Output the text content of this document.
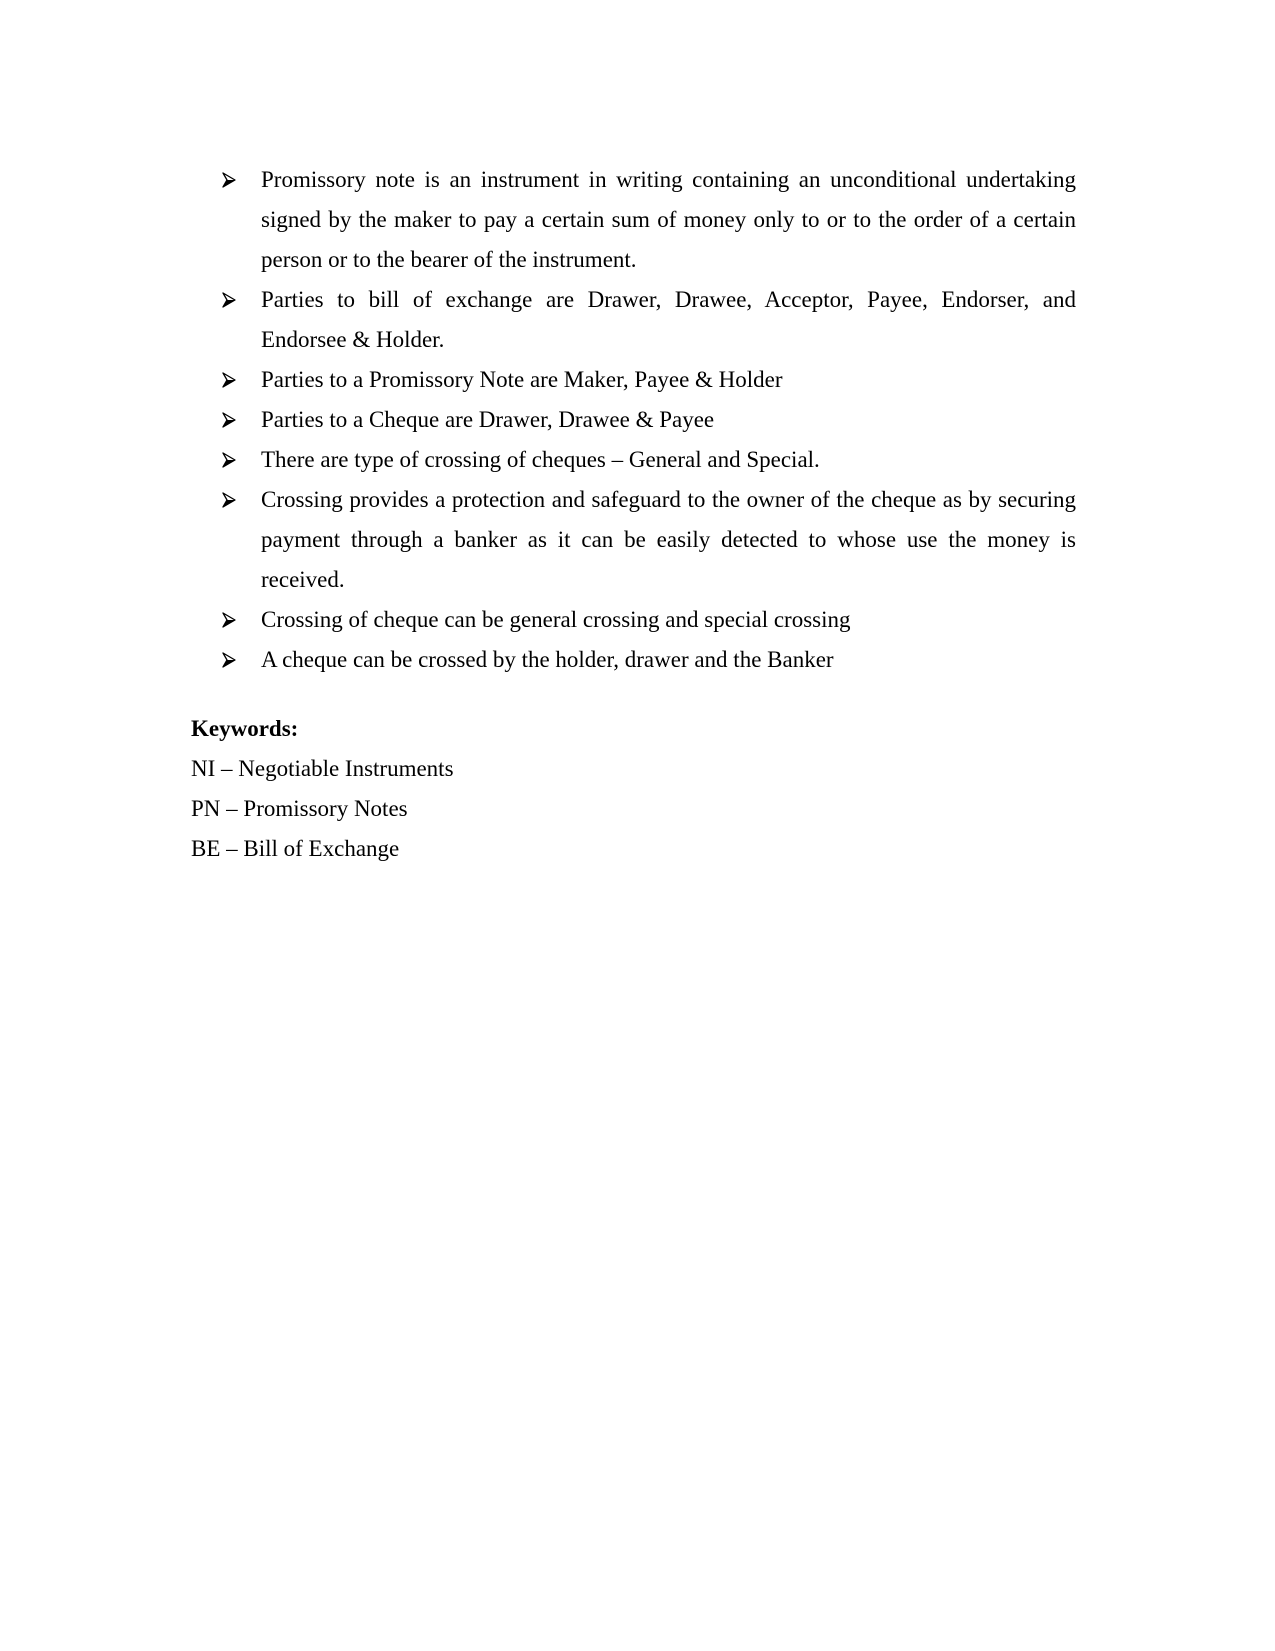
Promissory note is an instrument in writing containing an unconditional undertaking signed by the maker to pay a certain sum of money only to or to the order of a certain person or to the bearer of the instrument.
Parties to bill of exchange are Drawer, Drawee, Acceptor, Payee, Endorser, and Endorsee & Holder.
Parties to a Promissory Note are Maker, Payee & Holder
Parties to a Cheque are Drawer, Drawee & Payee
There are type of crossing of cheques – General and Special.
Crossing provides a protection and safeguard to the owner of the cheque as by securing payment through a banker as it can be easily detected to whose use the money is received.
Crossing of cheque can be general crossing and special crossing
A cheque can be crossed by the holder, drawer and the Banker

Keywords:

NI – Negotiable Instruments

PN – Promissory Notes

BE – Bill of Exchange
